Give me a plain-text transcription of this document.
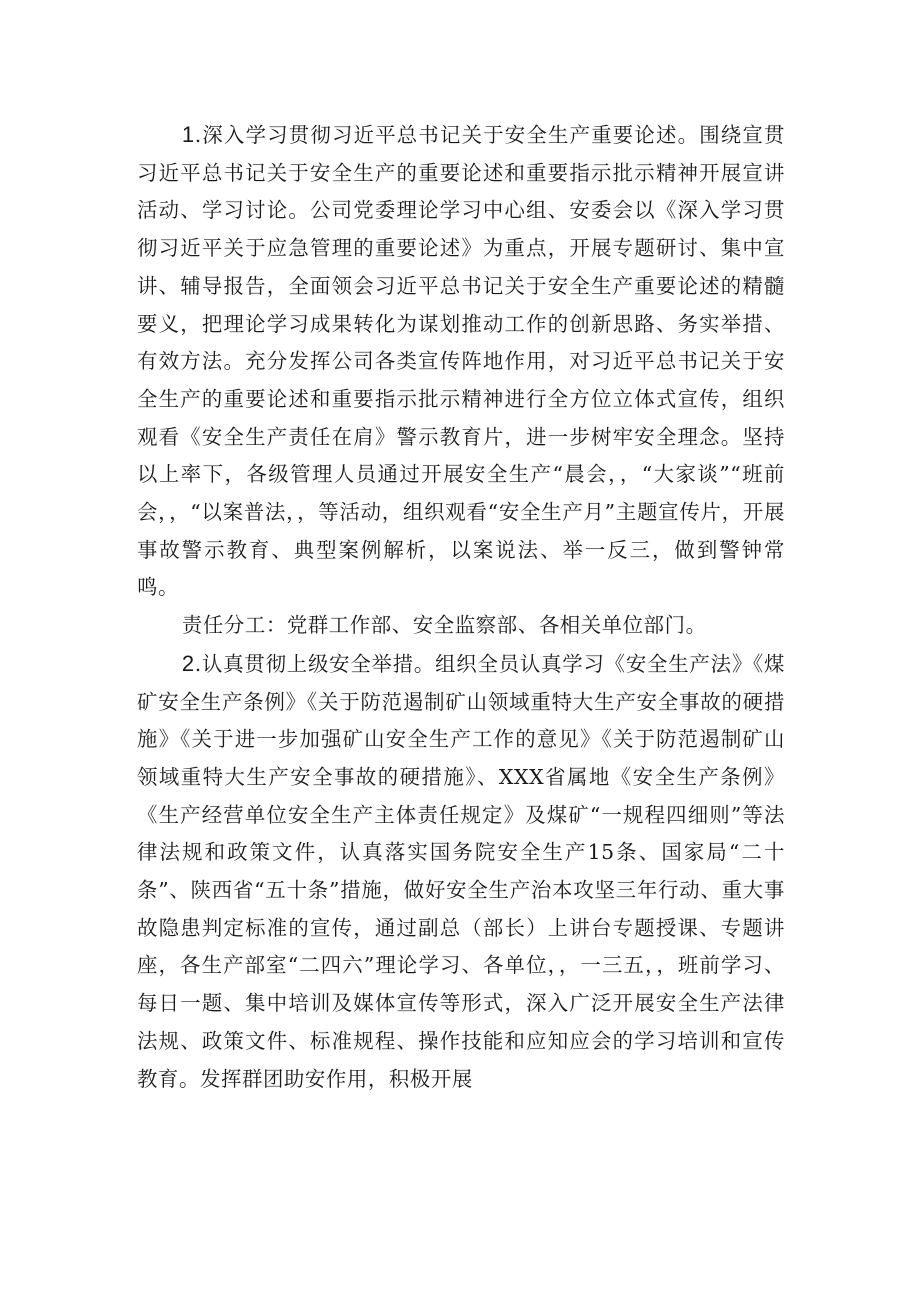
1.深入学习贯彻习近平总书记关于安全生产重要论述。围绕宣贯习近平总书记关于安全生产的重要论述和重要指示批示精神开展宣讲活动、学习讨论。公司党委理论学习中心组、安委会以《深入学习贯彻习近平关于应急管理的重要论述》为重点，开展专题研讨、集中宣讲、辅导报告，全面领会习近平总书记关于安全生产重要论述的精髓要义，把理论学习成果转化为谋划推动工作的创新思路、务实举措、有效方法。充分发挥公司各类宣传阵地作用，对习近平总书记关于安全生产的重要论述和重要指示批示精神进行全方位立体式宣传，组织观看《安全生产责任在肩》警示教育片，进一步树牢安全理念。坚持以上率下，各级管理人员通过开展安全生产“晨会，，“大家谈”“班前会，，“以案普法，，等活动，组织观看“安全生产月”主题宣传片，开展事故警示教育、典型案例解析，以案说法、举一反三，做到警钟常鸣。

责任分工：党群工作部、安全监察部、各相关单位部门。

2.认真贯彻上级安全举措。组织全员认真学习《安全生产法》《煤矿安全生产条例》《关于防范遏制矿山领域重特大生产安全事故的硬措施》《关于进一步加强矿山安全生产工作的意见》《关于防范遏制矿山领域重特大生产安全事故的硬措施》、XXX省属地《安全生产条例》《生产经营单位安全生产主体责任规定》及煤矿“一规程四细则”等法律法规和政策文件，认真落实国务院安全生产15条、国家局“二十条”、陕西省“五十条”措施，做好安全生产治本攻坚三年行动、重大事故隐患判定标准的宣传，通过副总（部长）上讲台专题授课、专题讲座，各生产部室“二四六”理论学习、各单位，，一三五，，班前学习、每日一题、集中培训及媒体宣传等形式，深入广泛开展安全生产法律法规、政策文件、标准规程、操作技能和应知应会的学习培训和宣传教育。发挥群团助安作用，积极开展
